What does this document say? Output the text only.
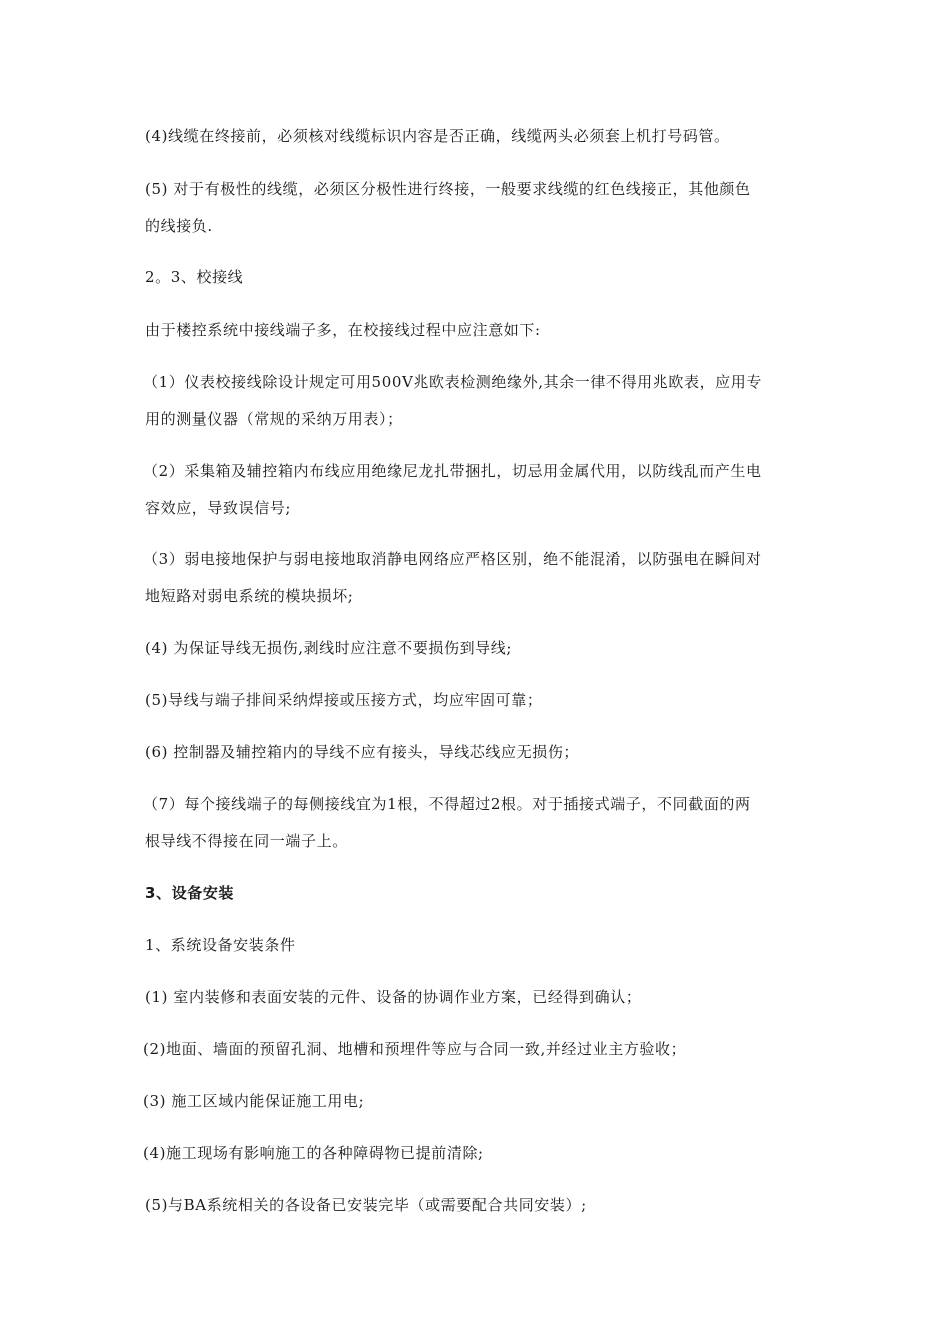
(4)线缆在终接前，必须核对线缆标识内容是否正确，线缆两头必须套上机打号码管。
(5) 对于有极性的线缆，必须区分极性进行终接，一般要求线缆的红色线接正，其他颜色
的线接负.
2。3、校接线
由于楼控系统中接线端子多，在校接线过程中应注意如下:
（1）仪表校接线除设计规定可用500V兆欧表检测绝缘外,其余一律不得用兆欧表，应用专
用的测量仪器（常规的采纳万用表）；
（2）采集箱及辅控箱内布线应用绝缘尼龙扎带捆扎，切忌用金属代用，以防线乱而产生电
容效应，导致误信号;
（3）弱电接地保护与弱电接地取消静电网络应严格区别，绝不能混淆，以防强电在瞬间对
地短路对弱电系统的模块损坏;
(4) 为保证导线无损伤,剥线时应注意不要损伤到导线;
(5)导线与端子排间采纳焊接或压接方式，均应牢固可靠；
(6) 控制器及辅控箱内的导线不应有接头，导线芯线应无损伤；
（7）每个接线端子的每侧接线宜为1根，不得超过2根。对于插接式端子，不同截面的两
根导线不得接在同一端子上。
3、设备安装
1、系统设备安装条件
(1) 室内装修和表面安装的元件、设备的协调作业方案，已经得到确认；
(2)地面、墙面的预留孔洞、地槽和预埋件等应与合同一致,并经过业主方验收；
(3) 施工区域内能保证施工用电;
(4)施工现场有影响施工的各种障碍物已提前清除;
(5)与BA系统相关的各设备已安装完毕（或需要配合共同安装）;
